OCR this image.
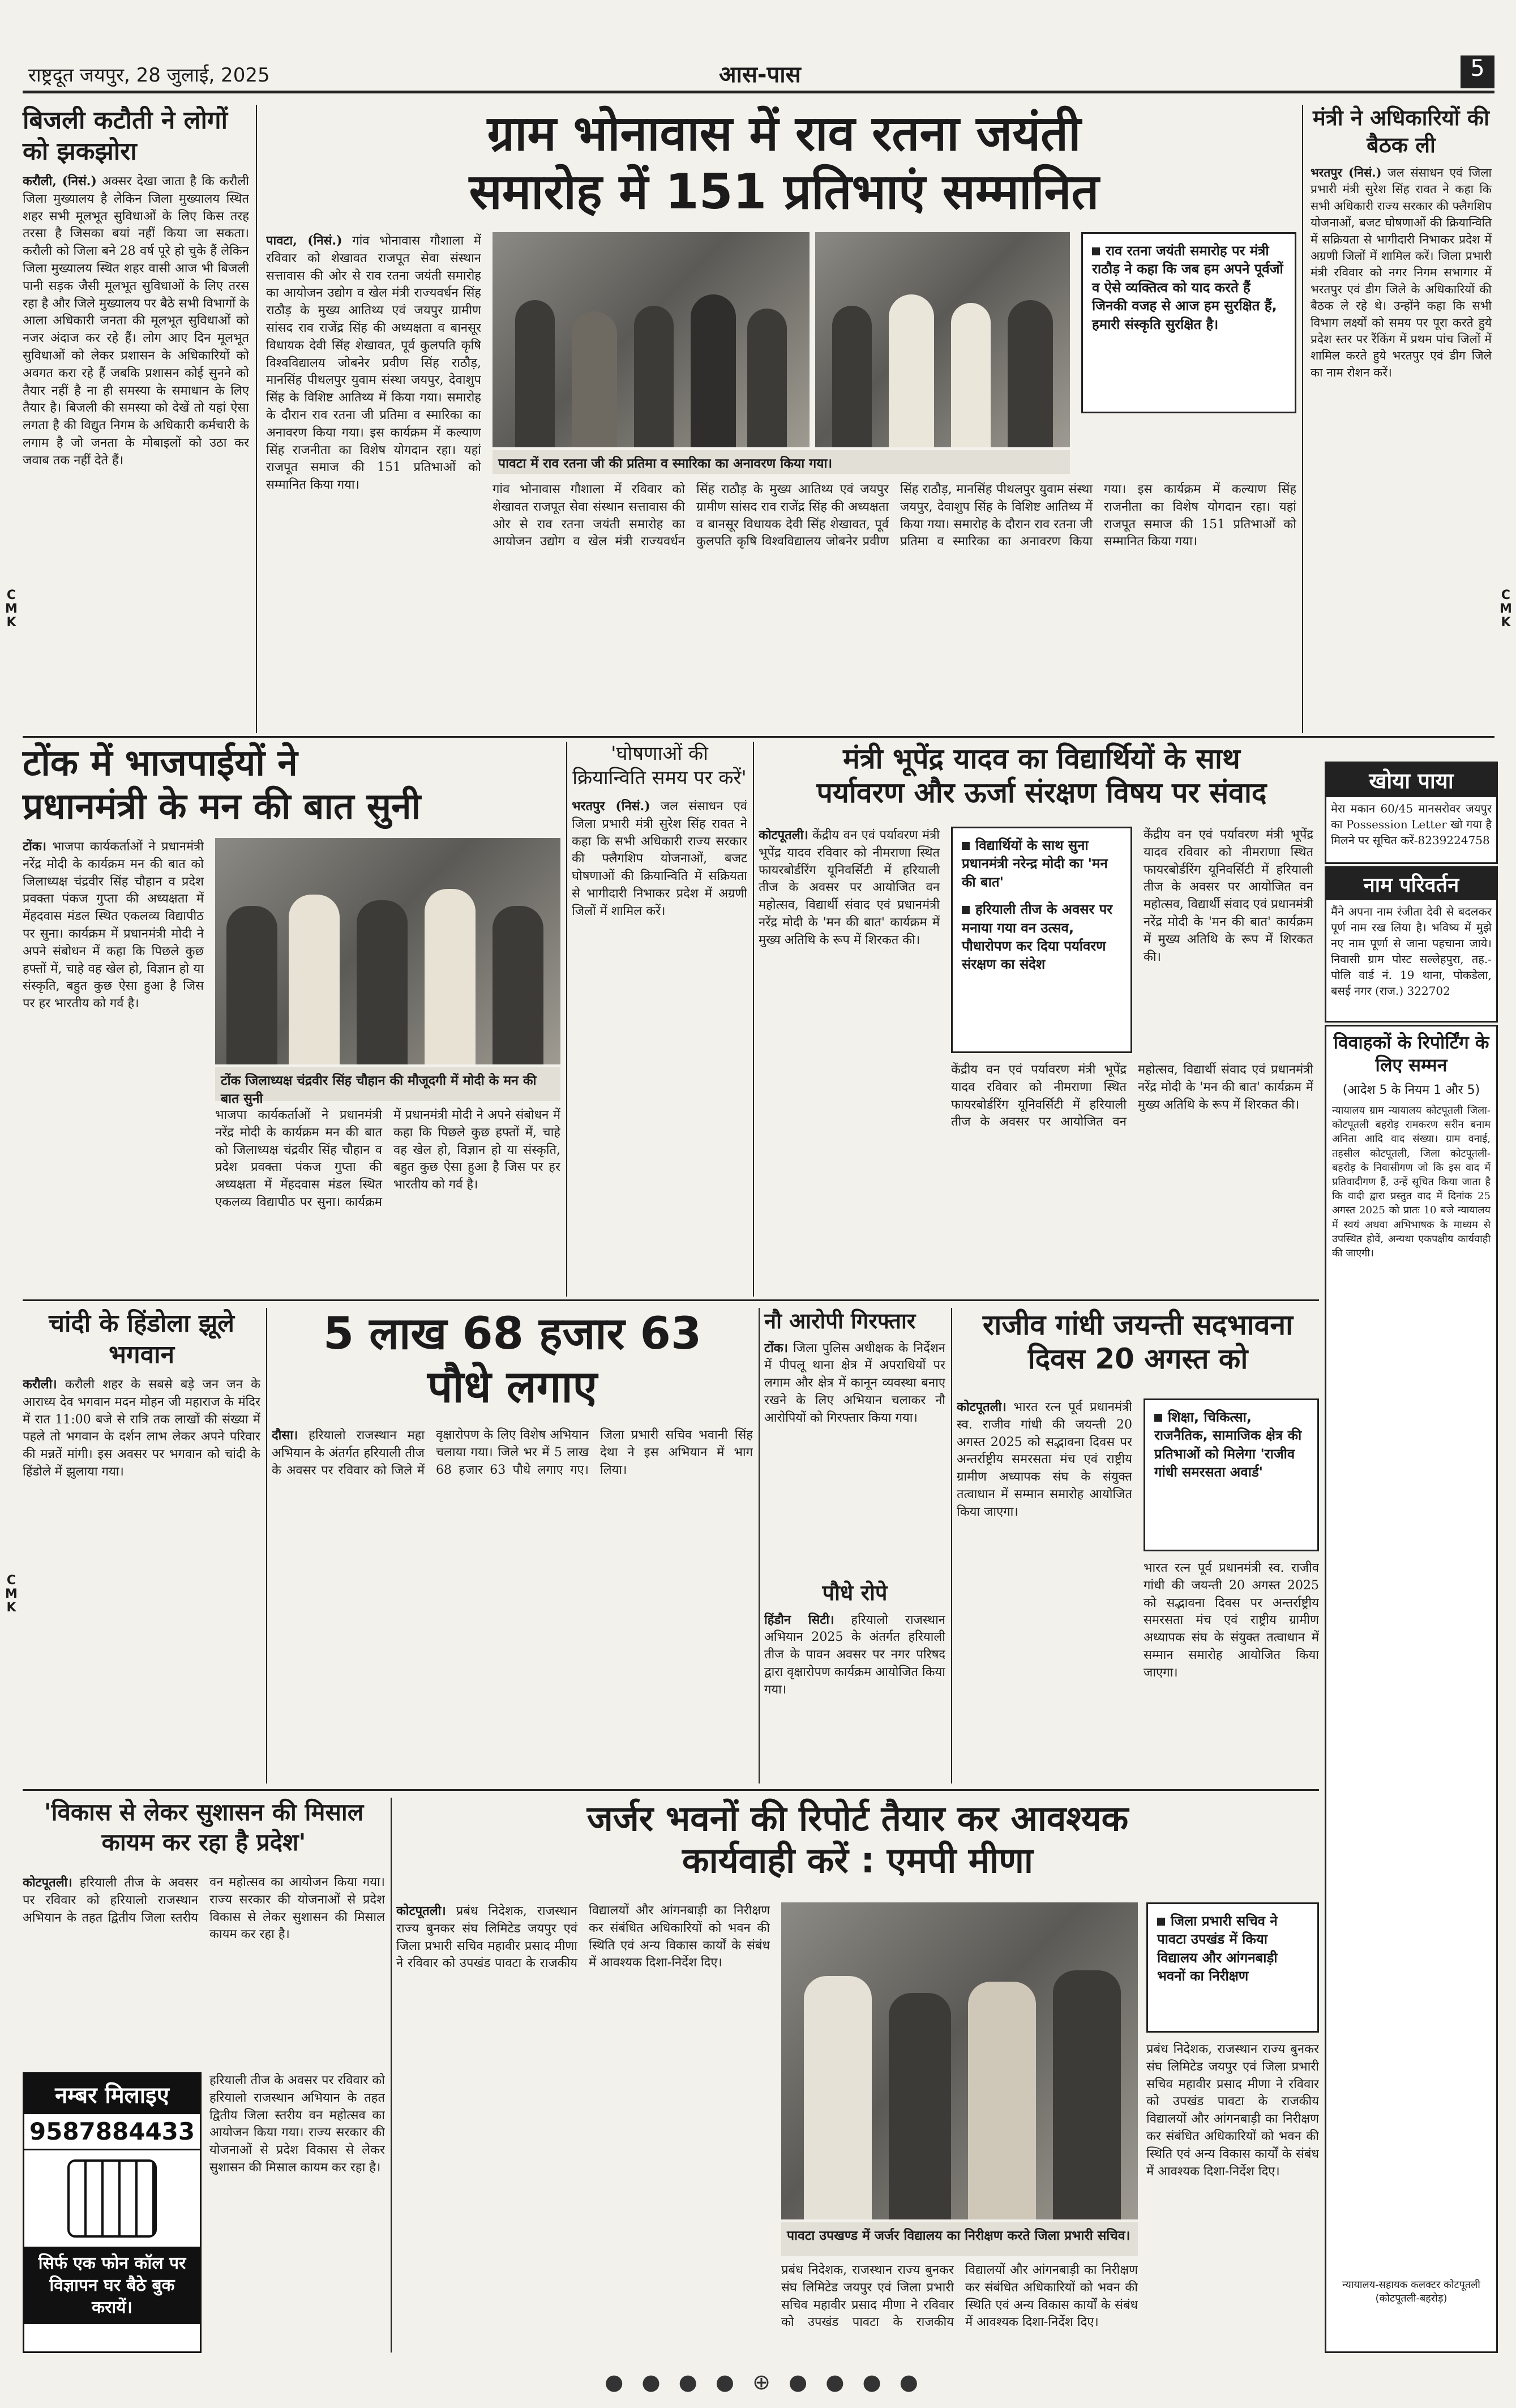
राष्ट्रदूत जयपुर, 28 जुलाई, 2025	आस-पास	5
C
M
K
C
M
K
C
M
K
बिजली कटौती ने लोगों को झकझोरा
करौली, (निसं.) अक्सर देखा जाता है कि करौली जिला मुख्यालय है लेकिन जिला मुख्यालय स्थित शहर सभी मूलभूत सुविधाओं के लिए किस तरह तरसा है जिसका बयां नहीं किया जा सकता। करौली को जिला बने 28 वर्ष पूरे हो चुके हैं लेकिन जिला मुख्यालय स्थित शहर वासी आज भी बिजली पानी सड़क जैसी मूलभूत सुविधाओं के लिए तरस रहा है और जिले मुख्यालय पर बैठे सभी विभागों के आला अधिकारी जनता की मूलभूत सुविधाओं को नजर अंदाज कर रहे हैं। लोग आए दिन मूलभूत सुविधाओं को लेकर प्रशासन के अधिकारियों को अवगत करा रहे हैं जबकि प्रशासन कोई सुनने को तैयार नहीं है ना ही समस्या के समाधान के लिए तैयार है। बिजली की समस्या को देखें तो यहां ऐसा लगता है की विद्युत निगम के अधिकारी कर्मचारी के लगाम है जो जनता के मोबाइलों को उठा कर जवाब तक नहीं देते हैं।
ग्राम भोनावास में राव रतना जयंती
समारोह में 151 प्रतिभाएं सम्मानित
पावटा, (निसं.) गांव भोनावास गौशाला में रविवार को शेखावत राजपूत सेवा संस्थान सत्तावास की ओर से राव रतना जयंती समारोह का आयोजन उद्योग व खेल मंत्री राज्यवर्धन सिंह राठौड़ के मुख्य आतिथ्य एवं जयपुर ग्रामीण सांसद राव राजेंद्र सिंह की अध्यक्षता व बानसूर विधायक देवी सिंह शेखावत, पूर्व कुलपति कृषि विश्वविद्यालय जोबनेर प्रवीण सिंह राठौड़, मानसिंह पीथलपुर युवाम संस्था जयपुर, देवाशुप सिंह के विशिष्ट आतिथ्य में किया गया। समारोह के दौरान राव रतना जी प्रतिमा व स्मारिका का अनावरण किया गया। इस कार्यक्रम में कल्याण सिंह राजनीता का विशेष योगदान रहा। यहां राजपूत समाज की 151 प्रतिभाओं को सम्मानित किया गया।
पावटा में राव रतना जी की प्रतिमा व स्मारिका का अनावरण किया गया।
राव रतना जयंती समारोह पर मंत्री राठौड़ ने कहा कि जब हम अपने पूर्वजों व ऐसे व्यक्तित्व को याद करते हैं जिनकी वजह से आज हम सुरक्षित हैं, हमारी संस्कृति सुरक्षित है।
गांव भोनावास गौशाला में रविवार को शेखावत राजपूत सेवा संस्थान सत्तावास की ओर से राव रतना जयंती समारोह का आयोजन उद्योग व खेल मंत्री राज्यवर्धन सिंह राठौड़ के मुख्य आतिथ्य एवं जयपुर ग्रामीण सांसद राव राजेंद्र सिंह की अध्यक्षता व बानसूर विधायक देवी सिंह शेखावत, पूर्व कुलपति कृषि विश्वविद्यालय जोबनेर प्रवीण सिंह राठौड़, मानसिंह पीथलपुर युवाम संस्था जयपुर, देवाशुप सिंह के विशिष्ट आतिथ्य में किया गया। समारोह के दौरान राव रतना जी प्रतिमा व स्मारिका का अनावरण किया गया। इस कार्यक्रम में कल्याण सिंह राजनीता का विशेष योगदान रहा। यहां राजपूत समाज की 151 प्रतिभाओं को सम्मानित किया गया।
मंत्री ने अधिकारियों की बैठक ली
भरतपुर (निसं.) जल संसाधन एवं जिला प्रभारी मंत्री सुरेश सिंह रावत ने कहा कि सभी अधिकारी राज्य सरकार की फ्लैगशिप योजनाओं, बजट घोषणाओं की क्रियान्विति में सक्रियता से भागीदारी निभाकर प्रदेश में अग्रणी जिलों में शामिल करें। जिला प्रभारी मंत्री रविवार को नगर निगम सभागार में भरतपुर एवं डीग जिले के अधिकारियों की बैठक ले रहे थे। उन्होंने कहा कि सभी विभाग लक्ष्यों को समय पर पूरा करते हुये प्रदेश स्तर पर रैंकिंग में प्रथम पांच जिलों में शामिल करते हुये भरतपुर एवं डीग जिले का नाम रोशन करें।
टोंक में भाजपाईयों ने
प्रधानमंत्री के मन की बात सुनी
टोंक। भाजपा कार्यकर्ताओं ने प्रधानमंत्री नरेंद्र मोदी के कार्यक्रम मन की बात को जिलाध्यक्ष चंद्रवीर सिंह चौहान व प्रदेश प्रवक्ता पंकज गुप्ता की अध्यक्षता में मेंहदवास मंडल स्थित एकलव्य विद्यापीठ पर सुना। कार्यक्रम में प्रधानमंत्री मोदी ने अपने संबोधन में कहा कि पिछले कुछ हफ्तों में, चाहे वह खेल हो, विज्ञान हो या संस्कृति, बहुत कुछ ऐसा हुआ है जिस पर हर भारतीय को गर्व है।
टोंक जिलाध्यक्ष चंद्रवीर सिंह चौहान की मौजूदगी में मोदी के मन की बात सुनी
भाजपा कार्यकर्ताओं ने प्रधानमंत्री नरेंद्र मोदी के कार्यक्रम मन की बात को जिलाध्यक्ष चंद्रवीर सिंह चौहान व प्रदेश प्रवक्ता पंकज गुप्ता की अध्यक्षता में मेंहदवास मंडल स्थित एकलव्य विद्यापीठ पर सुना। कार्यक्रम में प्रधानमंत्री मोदी ने अपने संबोधन में कहा कि पिछले कुछ हफ्तों में, चाहे वह खेल हो, विज्ञान हो या संस्कृति, बहुत कुछ ऐसा हुआ है जिस पर हर भारतीय को गर्व है।
'घोषणाओं की क्रियान्विति समय पर करें'
भरतपुर (निसं.) जल संसाधन एवं जिला प्रभारी मंत्री सुरेश सिंह रावत ने कहा कि सभी अधिकारी राज्य सरकार की फ्लैगशिप योजनाओं, बजट घोषणाओं की क्रियान्विति में सक्रियता से भागीदारी निभाकर प्रदेश में अग्रणी जिलों में शामिल करें।
मंत्री भूपेंद्र यादव का विद्यार्थियों के साथ
पर्यावरण और ऊर्जा संरक्षण विषय पर संवाद
कोटपूतली। केंद्रीय वन एवं पर्यावरण मंत्री भूपेंद्र यादव रविवार को नीमराणा स्थित फायरबोर्डरिंग यूनिवर्सिटी में हरियाली तीज के अवसर पर आयोजित वन महोत्सव, विद्यार्थी संवाद एवं प्रधानमंत्री नरेंद्र मोदी के 'मन की बात' कार्यक्रम में मुख्य अतिथि के रूप में शिरकत की।
विद्यार्थियों के साथ सुना प्रधानमंत्री नरेन्द्र मोदी का 'मन की बात'
हरियाली तीज के अवसर पर मनाया गया वन उत्सव, पौधारोपण कर दिया पर्यावरण संरक्षण का संदेश
केंद्रीय वन एवं पर्यावरण मंत्री भूपेंद्र यादव रविवार को नीमराणा स्थित फायरबोर्डरिंग यूनिवर्सिटी में हरियाली तीज के अवसर पर आयोजित वन महोत्सव, विद्यार्थी संवाद एवं प्रधानमंत्री नरेंद्र मोदी के 'मन की बात' कार्यक्रम में मुख्य अतिथि के रूप में शिरकत की।
केंद्रीय वन एवं पर्यावरण मंत्री भूपेंद्र यादव रविवार को नीमराणा स्थित फायरबोर्डरिंग यूनिवर्सिटी में हरियाली तीज के अवसर पर आयोजित वन महोत्सव, विद्यार्थी संवाद एवं प्रधानमंत्री नरेंद्र मोदी के 'मन की बात' कार्यक्रम में मुख्य अतिथि के रूप में शिरकत की।
खोया पाया
मेरा मकान 60/45 मानसरोवर जयपुर का Possession Letter खो गया है मिलने पर सूचित करें-8239224758
नाम परिवर्तन
मैंने अपना नाम रंजीता देवी से बदलकर पूर्ण नाम रख लिया है। भविष्य में मुझे नए नाम पूर्णा से जाना पहचाना जाये। निवासी ग्राम पोस्ट सल्लेहपुरा, तह.-पोलि वार्ड नं. 19 थाना, पोकडेला, बसई नगर (राज.) 322702
विवाहकों के रिपोर्टिंग के लिए सम्मन
(आदेश 5 के नियम 1 और 5)
न्यायालय ग्राम न्यायालय कोटपूतली जिला-कोटपूतली बहरोड़ रामकरण सरीन बनाम अनिता आदि वाद संख्या। ग्राम वनाई, तहसील कोटपूतली, जिला कोटपूतली-बहरोड़ के निवासीगण जो कि इस वाद में प्रतिवादीगण हैं, उन्हें सूचित किया जाता है कि वादी द्वारा प्रस्तुत वाद में दिनांक 25 अगस्त 2025 को प्रातः 10 बजे न्यायालय में स्वयं अथवा अभिभाषक के माध्यम से उपस्थित होवें, अन्यथा एकपक्षीय कार्यवाही की जाएगी।
न्यायालय-सहायक कलक्टर कोटपूतली (कोटपूतली-बहरोड़)
चांदी के हिंडोला झूले भगवान
करौली। करौली शहर के सबसे बड़े जन जन के आराध्य देव भगवान मदन मोहन जी महाराज के मंदिर में रात 11:00 बजे से रात्रि तक लाखों की संख्या में पहले तो भगवान के दर्शन लाभ लेकर अपने परिवार की मन्नतें मांगी। इस अवसर पर भगवान को चांदी के हिंडोले में झुलाया गया।
5 लाख 68 हजार 63
पौधे लगाए
दौसा। हरियालो राजस्थान महा अभियान के अंतर्गत हरियाली तीज के अवसर पर रविवार को जिले में वृक्षारोपण के लिए विशेष अभियान चलाया गया। जिले भर में 5 लाख 68 हजार 63 पौधे लगाए गए। जिला प्रभारी सचिव भवानी सिंह देथा ने इस अभियान में भाग लिया।
नौ आरोपी गिरफ्तार
टोंक। जिला पुलिस अधीक्षक के निर्देशन में पीपलू थाना क्षेत्र में अपराधियों पर लगाम और क्षेत्र में कानून व्यवस्था बनाए रखने के लिए अभियान चलाकर नौ आरोपियों को गिरफ्तार किया गया।
पौधे रोपे
हिंडौन सिटी। हरियालो राजस्थान अभियान 2025 के अंतर्गत हरियाली तीज के पावन अवसर पर नगर परिषद द्वारा वृक्षारोपण कार्यक्रम आयोजित किया गया।
राजीव गांधी जयन्ती सदभावना
दिवस 20 अगस्त को
कोटपूतली। भारत रत्न पूर्व प्रधानमंत्री स्व. राजीव गांधी की जयन्ती 20 अगस्त 2025 को सद्भावना दिवस पर अन्तर्राष्ट्रीय समरसता मंच एवं राष्ट्रीय ग्रामीण अध्यापक संघ के संयुक्त तत्वाधान में सम्मान समारोह आयोजित किया जाएगा।
शिक्षा, चिकित्सा, राजनैतिक, सामाजिक क्षेत्र की प्रतिभाओं को मिलेगा 'राजीव गांधी समरसता अवार्ड'
भारत रत्न पूर्व प्रधानमंत्री स्व. राजीव गांधी की जयन्ती 20 अगस्त 2025 को सद्भावना दिवस पर अन्तर्राष्ट्रीय समरसता मंच एवं राष्ट्रीय ग्रामीण अध्यापक संघ के संयुक्त तत्वाधान में सम्मान समारोह आयोजित किया जाएगा।
'विकास से लेकर सुशासन की मिसाल कायम कर रहा है प्रदेश'
कोटपूतली। हरियाली तीज के अवसर पर रविवार को हरियालो राजस्थान अभियान के तहत द्वितीय जिला स्तरीय वन महोत्सव का आयोजन किया गया। राज्य सरकार की योजनाओं से प्रदेश विकास से लेकर सुशासन की मिसाल कायम कर रहा है।
नम्बर मिलाइए
9587884433
सिर्फ एक फोन कॉल पर विज्ञापन घर बैठे बुक करायें।
हरियाली तीज के अवसर पर रविवार को हरियालो राजस्थान अभियान के तहत द्वितीय जिला स्तरीय वन महोत्सव का आयोजन किया गया। राज्य सरकार की योजनाओं से प्रदेश विकास से लेकर सुशासन की मिसाल कायम कर रहा है।
जर्जर भवनों की रिपोर्ट तैयार कर आवश्यक
कार्यवाही करें : एमपी मीणा
कोटपूतली। प्रबंध निदेशक, राजस्थान राज्य बुनकर संघ लिमिटेड जयपुर एवं जिला प्रभारी सचिव महावीर प्रसाद मीणा ने रविवार को उपखंड पावटा के राजकीय विद्यालयों और आंगनबाड़ी का निरीक्षण कर संबंधित अधिकारियों को भवन की स्थिति एवं अन्य विकास कार्यों के संबंध में आवश्यक दिशा-निर्देश दिए।
पावटा उपखण्ड में जर्जर विद्यालय का निरीक्षण करते जिला प्रभारी सचिव।
जिला प्रभारी सचिव ने पावटा उपखंड में किया विद्यालय और आंगनबाड़ी भवनों का निरीक्षण
प्रबंध निदेशक, राजस्थान राज्य बुनकर संघ लिमिटेड जयपुर एवं जिला प्रभारी सचिव महावीर प्रसाद मीणा ने रविवार को उपखंड पावटा के राजकीय विद्यालयों और आंगनबाड़ी का निरीक्षण कर संबंधित अधिकारियों को भवन की स्थिति एवं अन्य विकास कार्यों के संबंध में आवश्यक दिशा-निर्देश दिए।
प्रबंध निदेशक, राजस्थान राज्य बुनकर संघ लिमिटेड जयपुर एवं जिला प्रभारी सचिव महावीर प्रसाद मीणा ने रविवार को उपखंड पावटा के राजकीय विद्यालयों और आंगनबाड़ी का निरीक्षण कर संबंधित अधिकारियों को भवन की स्थिति एवं अन्य विकास कार्यों के संबंध में आवश्यक दिशा-निर्देश दिए।
● ● ● ● ⊕ ● ● ● ●
